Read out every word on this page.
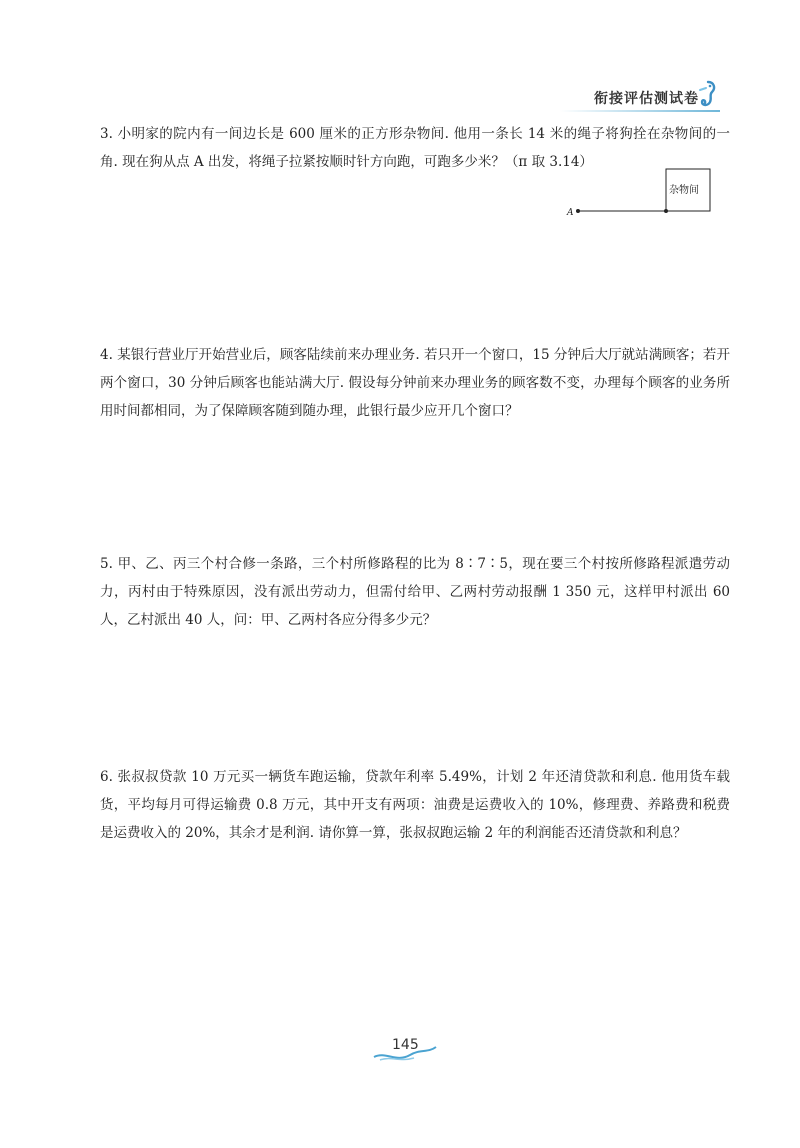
衔接评估测试卷
3. 小明家的院内有一间边长是 600 厘米的正方形杂物间. 他用一条长 14 米的绳子将狗拴在杂物间的一角. 现在狗从点 A 出发，将绳子拉紧按顺时针方向跑，可跑多少米？（π 取 3.14）
A
杂物间
4. 某银行营业厅开始营业后，顾客陆续前来办理业务. 若只开一个窗口，15 分钟后大厅就站满顾客；若开两个窗口，30 分钟后顾客也能站满大厅. 假设每分钟前来办理业务的顾客数不变，办理每个顾客的业务所用时间都相同，为了保障顾客随到随办理，此银行最少应开几个窗口？
5. 甲、乙、丙三个村合修一条路，三个村所修路程的比为 8∶7∶5，现在要三个村按所修路程派遣劳动力，丙村由于特殊原因，没有派出劳动力，但需付给甲、乙两村劳动报酬 1 350 元，这样甲村派出 60 人，乙村派出 40 人，问：甲、乙两村各应分得多少元？
6. 张叔叔贷款 10 万元买一辆货车跑运输，贷款年利率 5.49%，计划 2 年还清贷款和利息. 他用货车载货，平均每月可得运输费 0.8 万元，其中开支有两项：油费是运费收入的 10%，修理费、养路费和税费是运费收入的 20%，其余才是利润. 请你算一算，张叔叔跑运输 2 年的利润能否还清贷款和利息？
145
